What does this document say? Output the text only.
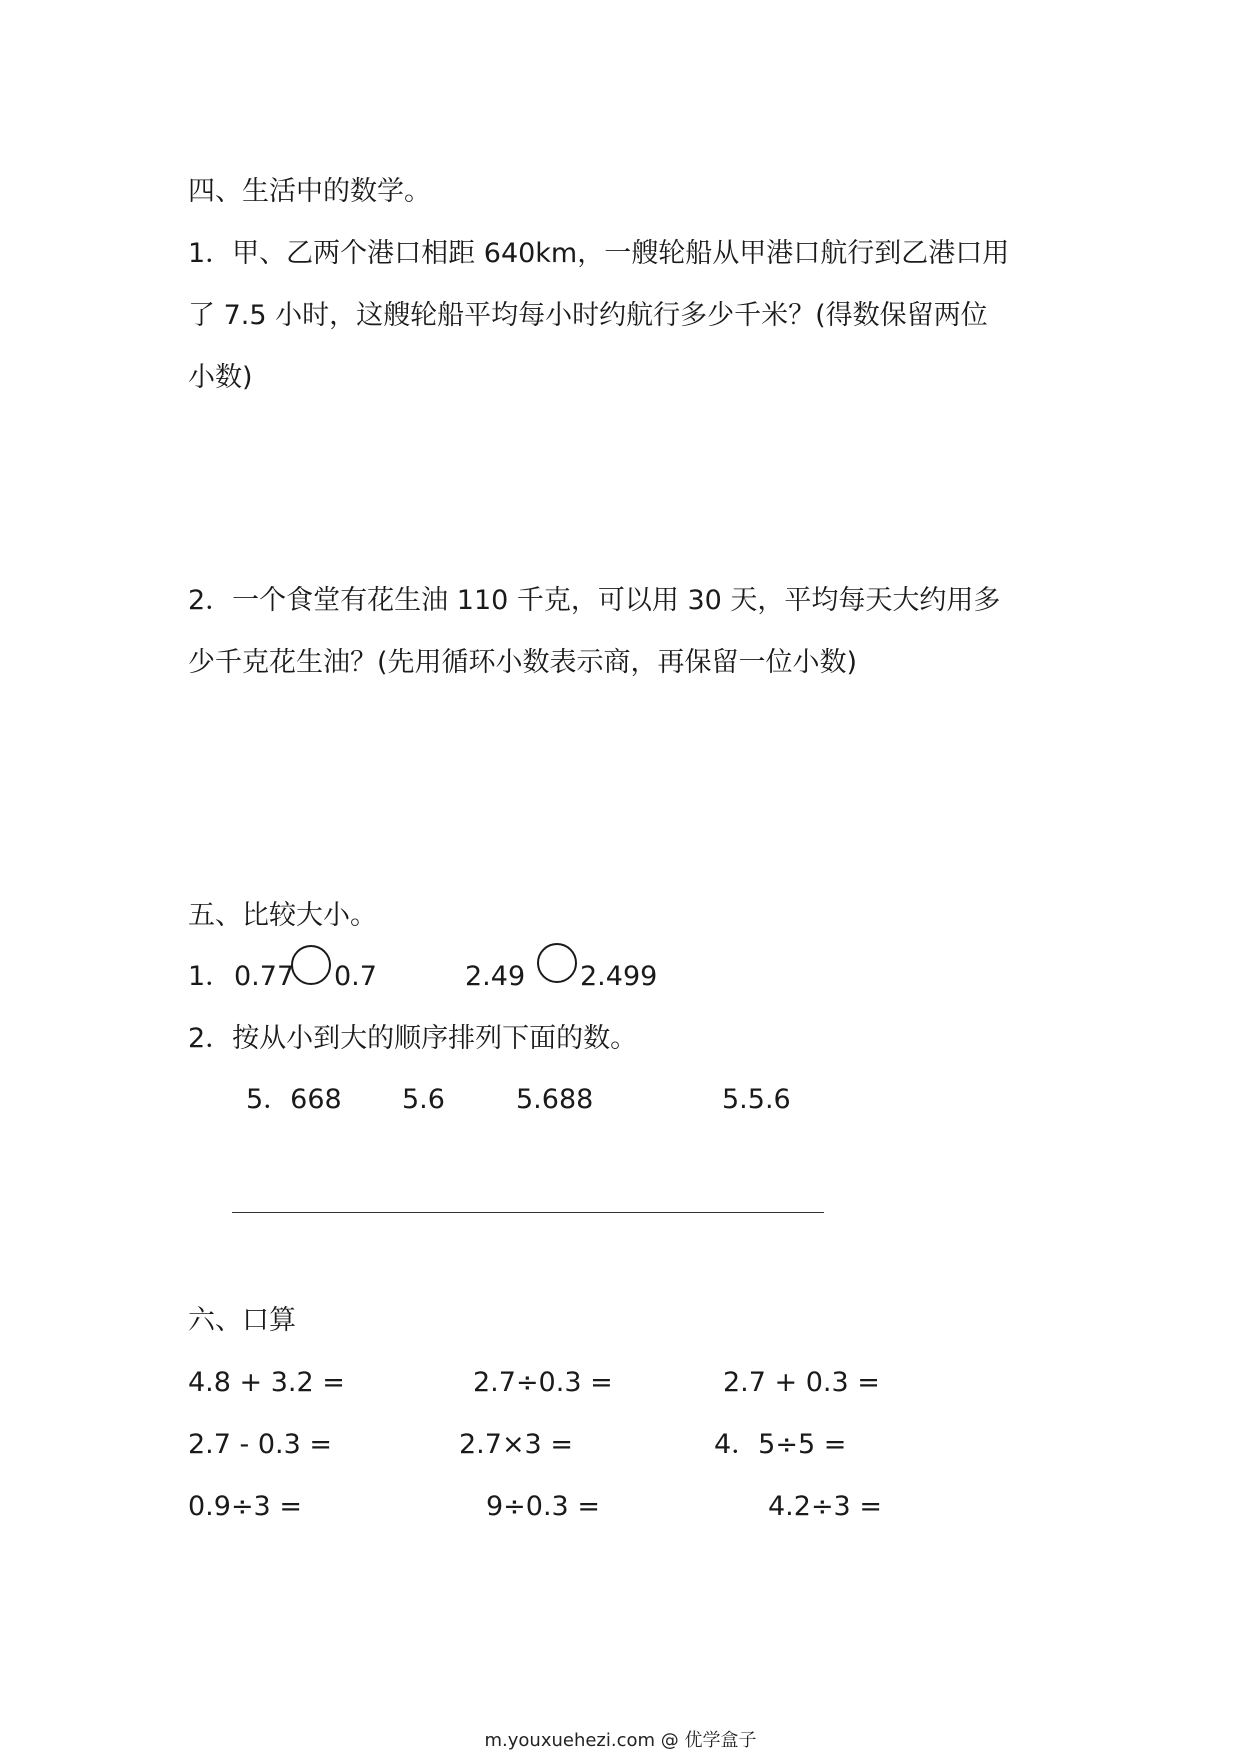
四、生活中的数学。
1．甲、乙两个港口相距 640km，一艘轮船从甲港口航行到乙港口用
了 7.5 小时，这艘轮船平均每小时约航行多少千米？(得数保留两位
小数)
2．一个食堂有花生油 110 千克，可以用 30 天，平均每天大约用多
少千克花生油？(先用循环小数表示商，再保留一位小数)
五、比较大小。
1． 0.77 0.7	2.49 2.499
2．按从小到大的顺序排列下面的数。
5．668 5.6	5.688	5.5.6
六、口算
4.8 + 3.2 =	2.7÷0.3 =	2.7 + 0.3 =
2.7 - 0.3 =	2.7×3 =	4．5÷5 =
0.9÷3 =	9÷0.3 =	4.2÷3 =
m.youxuehezi.com @ 优学盒子
